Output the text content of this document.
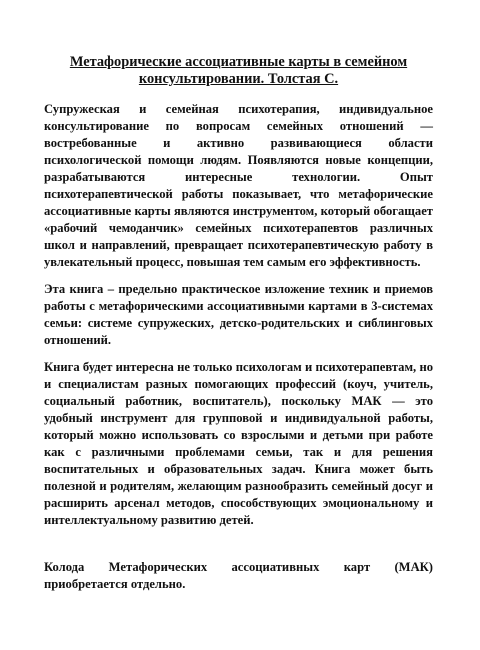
Метафорические ассоциативные карты в семейном консультировании. Толстая С.

Супружеская и семейная психотерапия, индивидуальное консультирование по вопросам семейных отношений — востребованные и активно развивающиеся области психологической помощи людям. Появляются новые концепции, разрабатываются интересные технологии. Опыт психотерапевтической работы показывает, что метафорические ассоциативные карты являются инструментом, который обогащает «рабочий чемоданчик» семейных психотерапевтов различных школ и направлений, превращает психотерапевтическую работу в увлекательный процесс, повышая тем самым его эффективность.

Эта книга – предельно практическое изложение техник и приемов работы с метафорическими ассоциативными картами в 3-системах семьи: системе супружеских, детско-родительских и сиблинговых отношений.

Книга будет интересна не только психологам и психотерапевтам, но и специалистам разных помогающих профессий (коуч, учитель, социальный работник, воспитатель), поскольку МАК — это удобный инструмент для групповой и индивидуальной работы, который можно использовать со взрослыми и детьми при работе как с различными проблемами семьи, так и для решения воспитательных и образовательных задач. Книга может быть полезной и родителям, желающим разнообразить семейный досуг и расширить арсенал методов, способствующих эмоциональному и интеллектуальному развитию детей.

Колода Метафорических ассоциативных карт (МАК) приобретается отдельно.
